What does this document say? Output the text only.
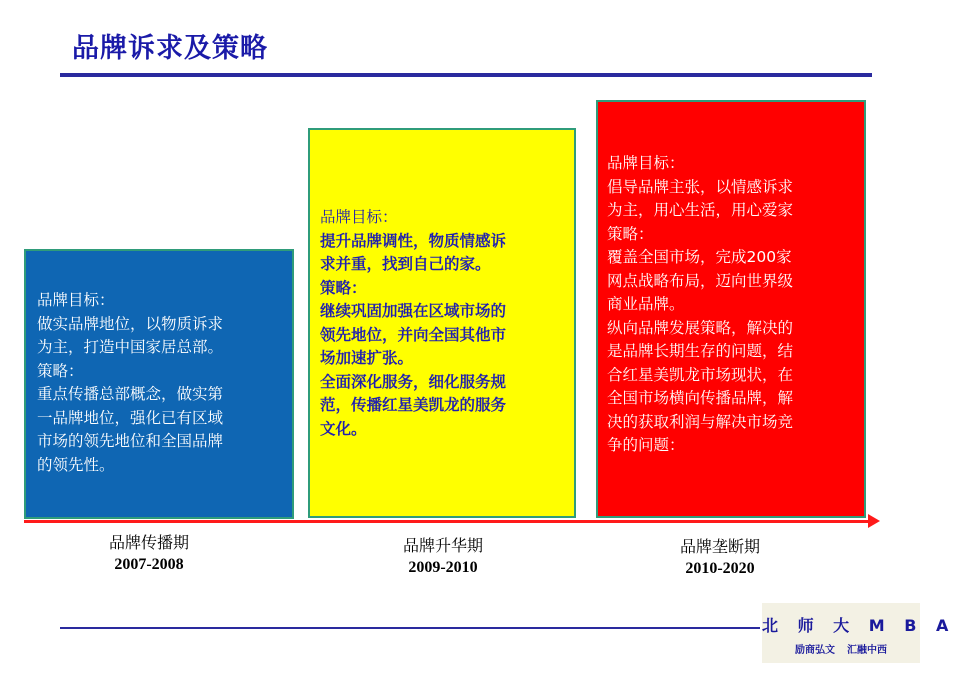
品牌诉求及策略
品牌目标：
做实品牌地位，以物质诉求
为主，打造中国家居总部。
策略：
重点传播总部概念，做实第
一品牌地位，强化已有区域
市场的领先地位和全国品牌
的领先性。
品牌目标：
提升品牌调性，物质情感诉
求并重，找到自己的家。
策略：
继续巩固加强在区域市场的
领先地位，并向全国其他市
场加速扩张。
全面深化服务，细化服务规
范，传播红星美凯龙的服务
文化。
品牌目标：
倡导品牌主张，以情感诉求
为主，用心生活，用心爱家
策略：
覆盖全国市场，完成200家
网点战略布局，迈向世界级
商业品牌。
纵向品牌发展策略，解决的
是品牌长期生存的问题，结
合红星美凯龙市场现状，在
全国市场横向传播品牌，解
决的获取利润与解决市场竞
争的问题：
品牌传播期
2007-2008
品牌升华期
2009-2010
品牌垄断期
2010-2020
北 师 大 M B A
励商弘文 汇融中西
